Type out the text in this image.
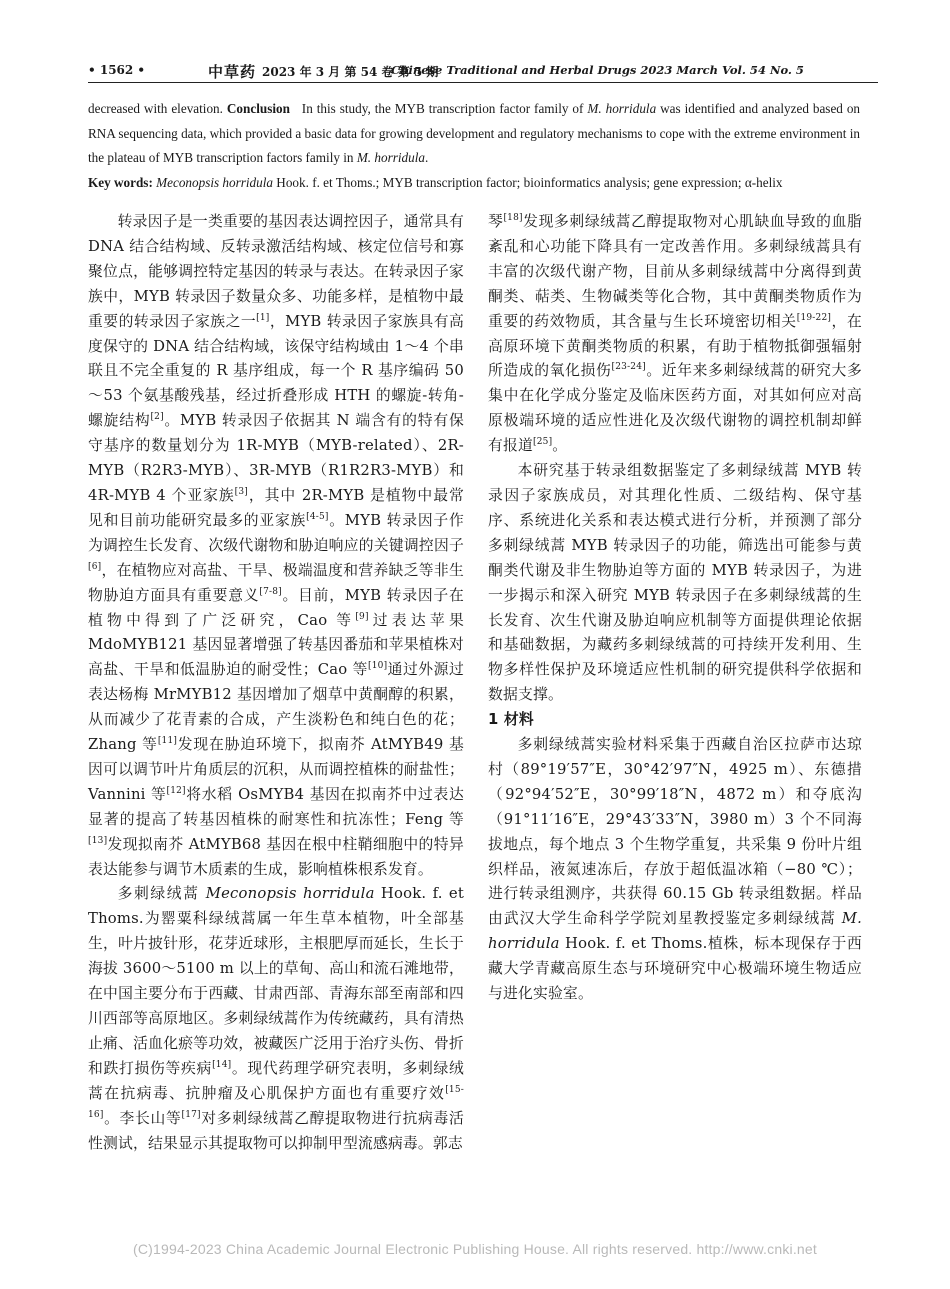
• 1562 •	中草药 2023 年 3 月 第 54 卷 第 5 期
Chinese Traditional and Herbal Drugs 2023 March Vol. 54 No. 5
decreased with elevation. Conclusion In this study, the MYB transcription factor family of M. horridula was identified and analyzed based on RNA sequencing data, which provided a basic data for growing development and regulatory mechanisms to cope with the extreme environment in the plateau of MYB transcription factors family in M. horridula.
Key words: Meconopsis horridula Hook. f. et Thoms.; MYB transcription factor; bioinformatics analysis; gene expression; α-helix

转录因子是一类重要的基因表达调控因子，通常具有 DNA 结合结构域、反转录激活结构域、核定位信号和寡聚位点，能够调控特定基因的转录与表达。在转录因子家族中，MYB 转录因子数量众多、功能多样，是植物中最重要的转录因子家族之一[1]，MYB 转录因子家族具有高度保守的 DNA 结合结构域，该保守结构域由 1～4 个串联且不完全重复的 R 基序组成，每一个 R 基序编码 50～53 个氨基酸残基，经过折叠形成 HTH 的螺旋-转角-螺旋结构[2]。MYB 转录因子依据其 N 端含有的特有保守基序的数量划分为 1R-MYB（MYB-related）、2R-MYB（R2R3-MYB）、3R-MYB（R1R2R3-MYB）和 4R-MYB 4 个亚家族[3]，其中 2R-MYB 是植物中最常见和目前功能研究最多的亚家族[4-5]。MYB 转录因子作为调控生长发育、次级代谢物和胁迫响应的关键调控因子[6]，在植物应对高盐、干旱、极端温度和营养缺乏等非生物胁迫方面具有重要意义[7-8]。目前，MYB 转录因子在植物中得到了广泛研究，Cao 等[9]过表达苹果 MdoMYB121 基因显著增强了转基因番茄和苹果植株对高盐、干旱和低温胁迫的耐受性；Cao 等[10]通过外源过表达杨梅 MrMYB12 基因增加了烟草中黄酮醇的积累，从而减少了花青素的合成，产生淡粉色和纯白色的花；Zhang 等[11]发现在胁迫环境下，拟南芥 AtMYB49 基因可以调节叶片角质层的沉积，从而调控植株的耐盐性；Vannini 等[12]将水稻 OsMYB4 基因在拟南芥中过表达显著的提高了转基因植株的耐寒性和抗冻性；Feng 等[13]发现拟南芥 AtMYB68 基因在根中柱鞘细胞中的特异表达能参与调节木质素的生成，影响植株根系发育。

多刺绿绒蒿 Meconopsis horridula Hook. f. et Thoms.为罂粟科绿绒蒿属一年生草本植物，叶全部基生，叶片披针形，花芽近球形，主根肥厚而延长，生长于海拔 3600～5100 m 以上的草甸、高山和流石滩地带，在中国主要分布于西藏、甘肃西部、青海东部至南部和四川西部等高原地区。多刺绿绒蒿作为传统藏药，具有清热止痛、活血化瘀等功效，被藏医广泛用于治疗头伤、骨折和跌打损伤等疾病[14]。现代药理学研究表明，多刺绿绒蒿在抗病毒、抗肿瘤及心肌保护方面也有重要疗效[15-16]。李长山等[17]对多刺绿绒蒿乙醇提取物进行抗病毒活性测试，结果显示其提取物可以抑制甲型流感病毒。郭志

琴[18]发现多刺绿绒蒿乙醇提取物对心肌缺血导致的血脂紊乱和心功能下降具有一定改善作用。多刺绿绒蒿具有丰富的次级代谢产物，目前从多刺绿绒蒿中分离得到黄酮类、萜类、生物碱类等化合物，其中黄酮类物质作为重要的药效物质，其含量与生长环境密切相关[19-22]，在高原环境下黄酮类物质的积累，有助于植物抵御强辐射所造成的氧化损伤[23-24]。近年来多刺绿绒蒿的研究大多集中在化学成分鉴定及临床医药方面，对其如何应对高原极端环境的适应性进化及次级代谢物的调控机制却鲜有报道[25]。

本研究基于转录组数据鉴定了多刺绿绒蒿 MYB 转录因子家族成员，对其理化性质、二级结构、保守基序、系统进化关系和表达模式进行分析，并预测了部分多刺绿绒蒿 MYB 转录因子的功能，筛选出可能参与黄酮类代谢及非生物胁迫等方面的 MYB 转录因子，为进一步揭示和深入研究 MYB 转录因子在多刺绿绒蒿的生长发育、次生代谢及胁迫响应机制等方面提供理论依据和基础数据，为藏药多刺绿绒蒿的可持续开发利用、生物多样性保护及环境适应性机制的研究提供科学依据和数据支撑。

1 材料

多刺绿绒蒿实验材料采集于西藏自治区拉萨市达琼村（89°19′57″E，30°42′97″N，4925 m）、东德措（92°94′52″E，30°99′18″N，4872 m）和夺底沟（91°11′16″E，29°43′33″N，3980 m）3 个不同海拔地点，每个地点 3 个生物学重复，共采集 9 份叶片组织样品，液氮速冻后，存放于超低温冰箱（−80 ℃）；进行转录组测序，共获得 60.15 Gb 转录组数据。样品由武汉大学生命科学学院刘星教授鉴定多刺绿绒蒿 M. horridula Hook. f. et Thoms.植株，标本现保存于西藏大学青藏高原生态与环境研究中心极端环境生物适应与进化实验室。

(C)1994-2023 China Academic Journal Electronic Publishing House. All rights reserved. http://www.cnki.net
